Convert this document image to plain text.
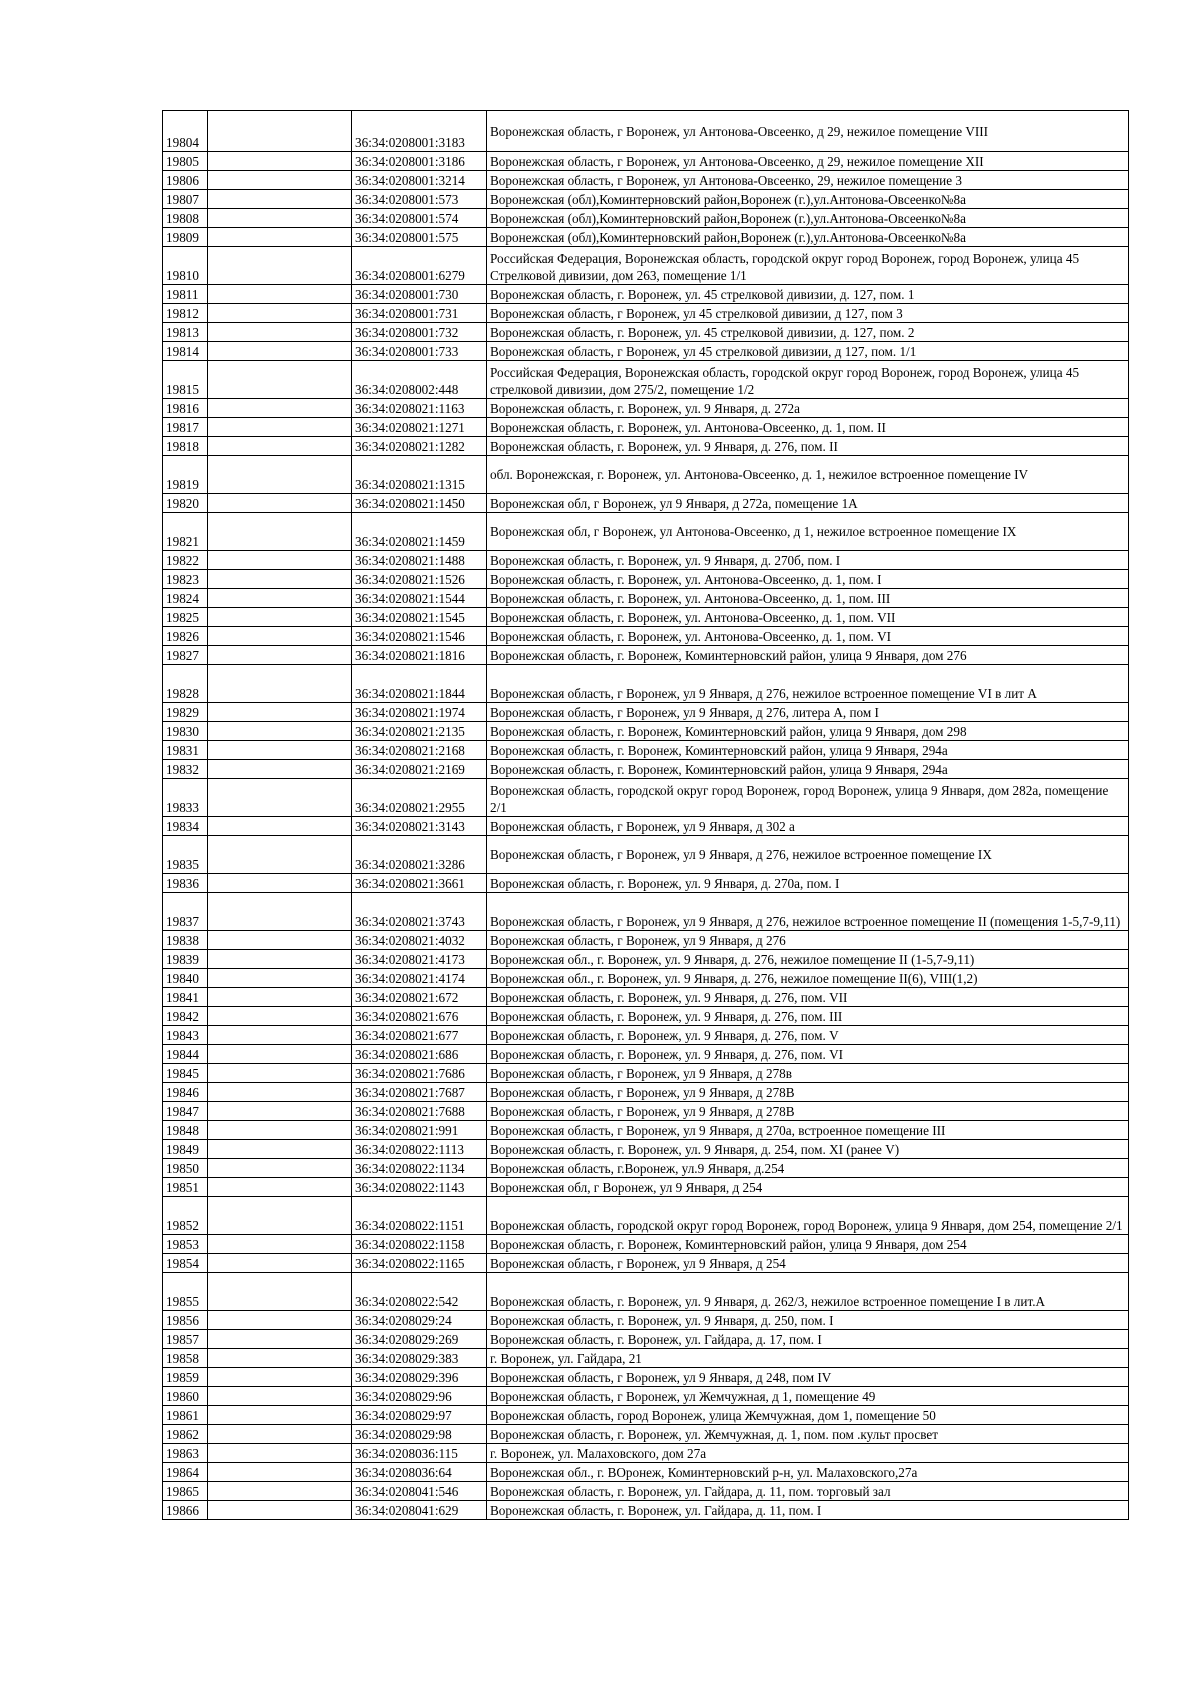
19804		36:34:0208001:3183	Воронежская область, г Воронеж, ул Антонова-Овсеенко, д 29, нежилое помещение VIII
19805		36:34:0208001:3186	Воронежская область, г Воронеж, ул Антонова-Овсеенко, д 29, нежилое помещение XII
19806		36:34:0208001:3214	Воронежская область, г Воронеж, ул Антонова-Овсеенко, 29, нежилое помещение 3
19807		36:34:0208001:573	Воронежская (обл),Коминтерновский район,Воронеж (г.),ул.Антонова-Овсеенко№8а
19808		36:34:0208001:574	Воронежская (обл),Коминтерновский район,Воронеж (г.),ул.Антонова-Овсеенко№8а
19809		36:34:0208001:575	Воронежская (обл),Коминтерновский район,Воронеж (г.),ул.Антонова-Овсеенко№8а
19810		36:34:0208001:6279	Российская Федерация, Воронежская область, городской округ город Воронеж, город Воронеж, улица 45 Стрелковой дивизии, дом 263, помещение 1/1
19811		36:34:0208001:730	Воронежская область, г. Воронеж, ул. 45 стрелковой дивизии, д. 127, пом. 1
19812		36:34:0208001:731	Воронежская область, г Воронеж, ул 45 стрелковой дивизии, д 127, пом 3
19813		36:34:0208001:732	Воронежская область, г. Воронеж, ул. 45 стрелковой дивизии, д. 127, пом. 2
19814		36:34:0208001:733	Воронежская область, г Воронеж, ул 45 стрелковой дивизии, д 127, пом. 1/1
19815		36:34:0208002:448	Российская Федерация, Воронежская область, городской округ город Воронеж, город Воронеж, улица 45 стрелковой дивизии, дом 275/2, помещение 1/2
19816		36:34:0208021:1163	Воронежская область, г. Воронеж, ул. 9 Января, д. 272а
19817		36:34:0208021:1271	Воронежская область, г. Воронеж, ул. Антонова-Овсеенко, д. 1, пом. II
19818		36:34:0208021:1282	Воронежская область, г. Воронеж, ул. 9 Января, д. 276, пом. II
19819		36:34:0208021:1315	обл. Воронежская, г. Воронеж, ул. Антонова-Овсеенко, д. 1, нежилое встроенное помещение IV
19820		36:34:0208021:1450	Воронежская обл, г Воронеж, ул 9 Января, д 272а, помещение 1А
19821		36:34:0208021:1459	Воронежская обл, г Воронеж, ул Антонова-Овсеенко, д 1, нежилое встроенное помещение IX
19822		36:34:0208021:1488	Воронежская область, г. Воронеж, ул. 9 Января, д. 270б, пом. I
19823		36:34:0208021:1526	Воронежская область, г. Воронеж, ул. Антонова-Овсеенко, д. 1, пом. I
19824		36:34:0208021:1544	Воронежская область, г. Воронеж, ул. Антонова-Овсеенко, д. 1, пом. III
19825		36:34:0208021:1545	Воронежская область, г. Воронеж, ул. Антонова-Овсеенко, д. 1, пом. VII
19826		36:34:0208021:1546	Воронежская область, г. Воронеж, ул. Антонова-Овсеенко, д. 1, пом. VI
19827		36:34:0208021:1816	Воронежская область, г. Воронеж, Коминтерновский район, улица 9 Января, дом 276
19828		36:34:0208021:1844	Воронежская область, г Воронеж, ул 9 Января, д 276, нежилое встроенное помещение VI в лит А
19829		36:34:0208021:1974	Воронежская область, г Воронеж, ул 9 Января, д 276, литера А, пом I
19830		36:34:0208021:2135	Воронежская область, г. Воронеж, Коминтерновский район, улица 9 Января, дом 298
19831		36:34:0208021:2168	Воронежская область, г. Воронеж, Коминтерновский район, улица 9 Января, 294а
19832		36:34:0208021:2169	Воронежская область, г. Воронеж, Коминтерновский район, улица 9 Января, 294а
19833		36:34:0208021:2955	Воронежская область, городской округ город Воронеж, город Воронеж, улица 9 Января, дом 282а, помещение 2/1
19834		36:34:0208021:3143	Воронежская область, г Воронеж, ул 9 Января, д 302 а
19835		36:34:0208021:3286	Воронежская область, г Воронеж, ул 9 Января, д 276, нежилое встроенное помещение IX
19836		36:34:0208021:3661	Воронежская область, г. Воронеж, ул. 9 Января, д. 270а, пом. I
19837		36:34:0208021:3743	Воронежская область, г Воронеж, ул 9 Января, д 276, нежилое встроенное помещение II (помещения 1-5,7-9,11)
19838		36:34:0208021:4032	Воронежская область, г Воронеж, ул 9 Января, д 276
19839		36:34:0208021:4173	Воронежская обл., г. Воронеж, ул. 9 Января, д. 276, нежилое помещение II (1-5,7-9,11)
19840		36:34:0208021:4174	Воронежская обл., г. Воронеж, ул. 9 Января, д. 276, нежилое помещение II(6), VIII(1,2)
19841		36:34:0208021:672	Воронежская область, г. Воронеж, ул. 9 Января, д. 276, пом. VII
19842		36:34:0208021:676	Воронежская область, г. Воронеж, ул. 9 Января, д. 276, пом. III
19843		36:34:0208021:677	Воронежская область, г. Воронеж, ул. 9 Января, д. 276, пом. V
19844		36:34:0208021:686	Воронежская область, г. Воронеж, ул. 9 Января, д. 276, пом. VI
19845		36:34:0208021:7686	Воронежская область, г Воронеж, ул 9 Января, д 278в
19846		36:34:0208021:7687	Воронежская область, г Воронеж, ул 9 Января, д 278В
19847		36:34:0208021:7688	Воронежская область, г Воронеж, ул 9 Января, д 278В
19848		36:34:0208021:991	Воронежская область, г Воронеж, ул 9 Января, д 270а, встроенное помещение III
19849		36:34:0208022:1113	Воронежская область, г. Воронеж, ул. 9 Января, д. 254, пом. XI (ранее V)
19850		36:34:0208022:1134	Воронежская область, г.Воронеж, ул.9 Января, д.254
19851		36:34:0208022:1143	Воронежская обл, г Воронеж, ул 9 Января, д 254
19852		36:34:0208022:1151	Воронежская область, городской округ город Воронеж, город Воронеж, улица 9 Января, дом 254, помещение 2/1
19853		36:34:0208022:1158	Воронежская область, г. Воронеж, Коминтерновский район, улица 9 Января, дом 254
19854		36:34:0208022:1165	Воронежская область, г Воронеж, ул 9 Января, д 254
19855		36:34:0208022:542	Воронежская область, г. Воронеж, ул. 9 Января, д. 262/3, нежилое встроенное помещение I в лит.А
19856		36:34:0208029:24	Воронежская область, г. Воронеж, ул. 9 Января, д. 250, пом. I
19857		36:34:0208029:269	Воронежская область, г. Воронеж, ул. Гайдара, д. 17, пом. I
19858		36:34:0208029:383	г. Воронеж, ул. Гайдара, 21
19859		36:34:0208029:396	Воронежская область, г Воронеж, ул 9 Января, д 248, пом IV
19860		36:34:0208029:96	Воронежская область, г Воронеж, ул Жемчужная, д 1, помещение 49
19861		36:34:0208029:97	Воронежская область, город Воронеж, улица Жемчужная, дом 1, помещение 50
19862		36:34:0208029:98	Воронежская область, г. Воронеж, ул. Жемчужная, д. 1, пом. пом .культ просвет
19863		36:34:0208036:115	г. Воронеж, ул. Малаховского, дом 27а
19864		36:34:0208036:64	Воронежская обл., г. ВОронеж, Коминтерновский р-н, ул. Малаховского,27а
19865		36:34:0208041:546	Воронежская область, г. Воронеж, ул. Гайдара, д. 11, пом. торговый зал
19866		36:34:0208041:629	Воронежская область, г. Воронеж, ул. Гайдара, д. 11, пом. I
